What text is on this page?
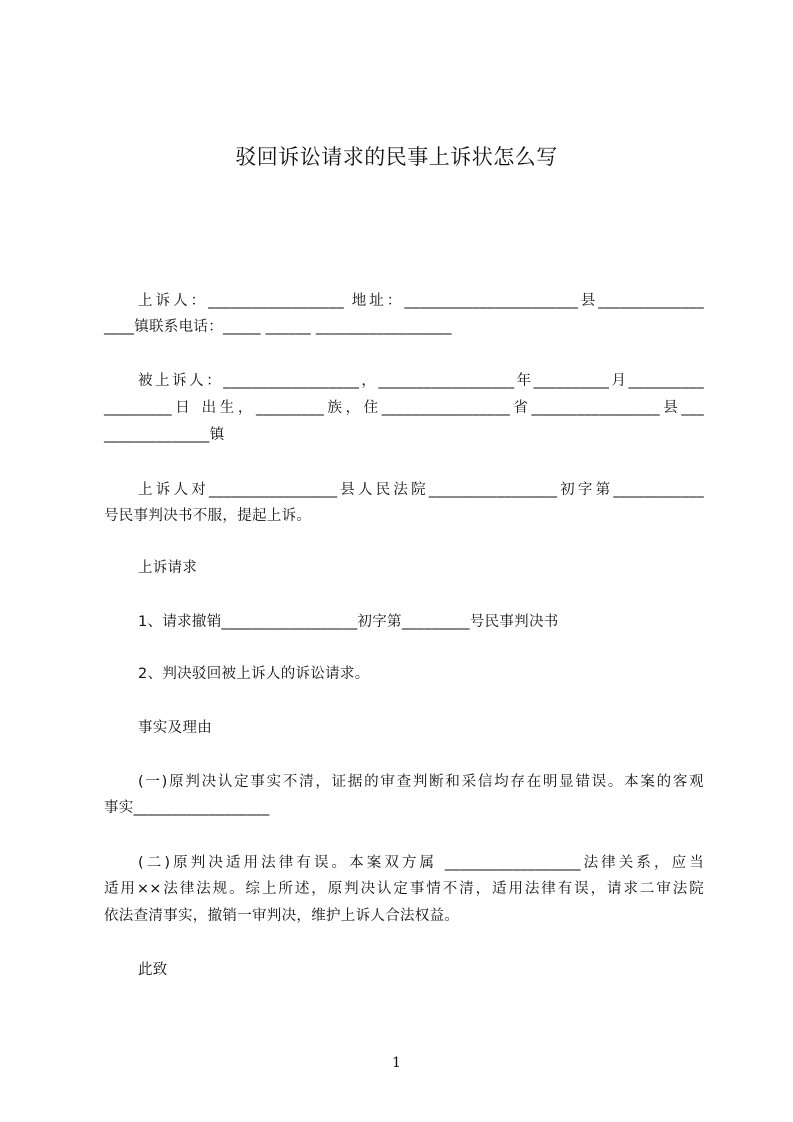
驳回诉讼请求的民事上诉状怎么写
上诉人：__________________ 地址：_______________________县______________
____镇联系电话：_____ ______ __________________
被上诉人：__________________，__________________年__________月__________
_________日 出生，_________族，住_________________省_________________县___
______________镇
上诉人对_________________县人民法院_________________初字第____________
号民事判决书不服，提起上诉。
上诉请求
1、请求撤销__________________初字第_________号民事判决书
2、判决驳回被上诉人的诉讼请求。
事实及理由
(一)原判决认定事实不清，证据的审查判断和采信均存在明显错误。本案的客观
事实__________________
(二)原判决适用法律有误。本案双方属 __________________法律关系，应当
适用××法律法规。综上所述，原判决认定事情不清，适用法律有误，请求二审法院
依法查清事实，撤销一审判决，维护上诉人合法权益。
此致
1
